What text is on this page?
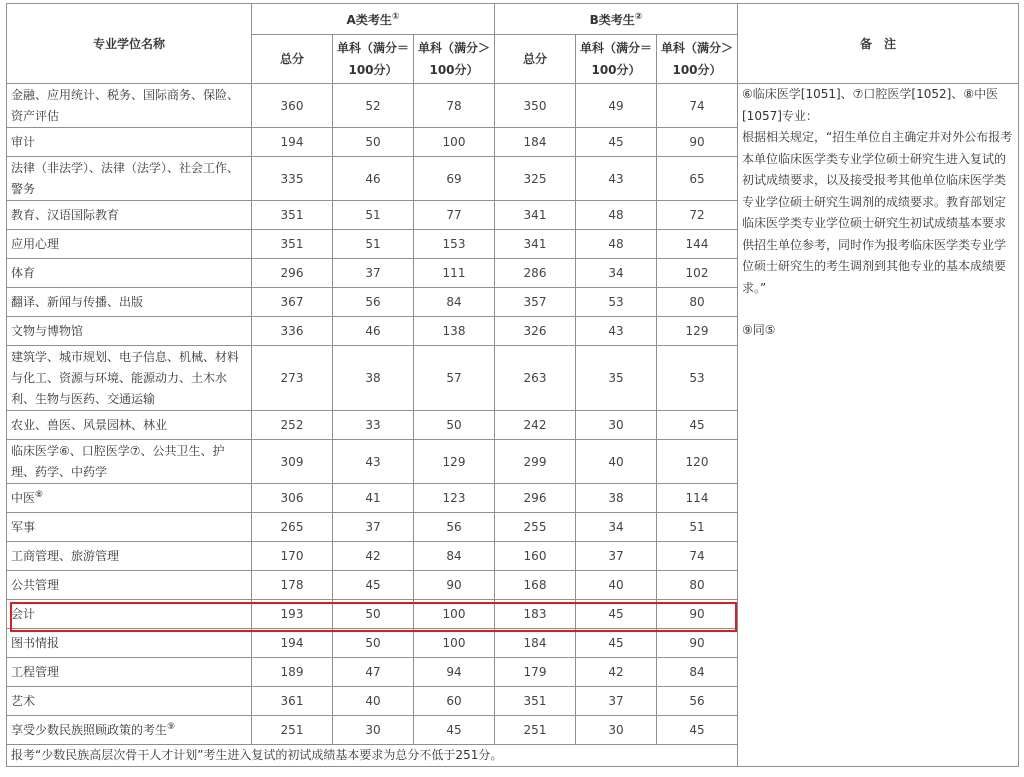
专业学位名称	A类考生①			B类考生②			备　注
	总分	单科（满分＝100分）	单科（满分＞100分）	总分	单科（满分＝100分）	单科（满分＞100分）	
金融、应用统计、税务、国际商务、保险、资产评估	360	52	78	350	49	74	⑥临床医学[1051]、⑦口腔医学[1052]、⑧中医[1057]专业：
根据相关规定，“招生单位自主确定并对外公布报考本单位临床医学类专业学位硕士研究生进入复试的初试成绩要求，以及接受报考其他单位临床医学类专业学位硕士研究生调剂的成绩要求。教育部划定临床医学类专业学位硕士研究生初试成绩基本要求供招生单位参考，同时作为报考临床医学类专业学位硕士研究生的考生调剂到其他专业的基本成绩要求。”
⑨同⑤

审计	194	50	100	184	45	90	
法律（非法学）、法律（法学）、社会工作、警务	335	46	69	325	43	65	
教育、汉语国际教育	351	51	77	341	48	72	
应用心理	351	51	153	341	48	144	
体育	296	37	111	286	34	102	
翻译、新闻与传播、出版	367	56	84	357	53	80	
文物与博物馆	336	46	138	326	43	129	
建筑学、城市规划、电子信息、机械、材料与化工、资源与环境、能源动力、土木水利、生物与医药、交通运输	273	38	57	263	35	53	
农业、兽医、风景园林、林业	252	33	50	242	30	45	
临床医学⑥、口腔医学⑦、公共卫生、护理、药学、中药学	309	43	129	299	40	120	
中医⑧	306	41	123	296	38	114	
军事	265	37	56	255	34	51	
工商管理、旅游管理	170	42	84	160	37	74	
公共管理	178	45	90	168	40	80	
会计	193	50	100	183	45	90	
图书情报	194	50	100	184	45	90	
工程管理	189	47	94	179	42	84	
艺术	361	40	60	351	37	56	
享受少数民族照顾政策的考生⑨	251	30	45	251	30	45	
报考“少数民族高层次骨干人才计划”考生进入复试的初试成绩基本要求为总分不低于251分。							
